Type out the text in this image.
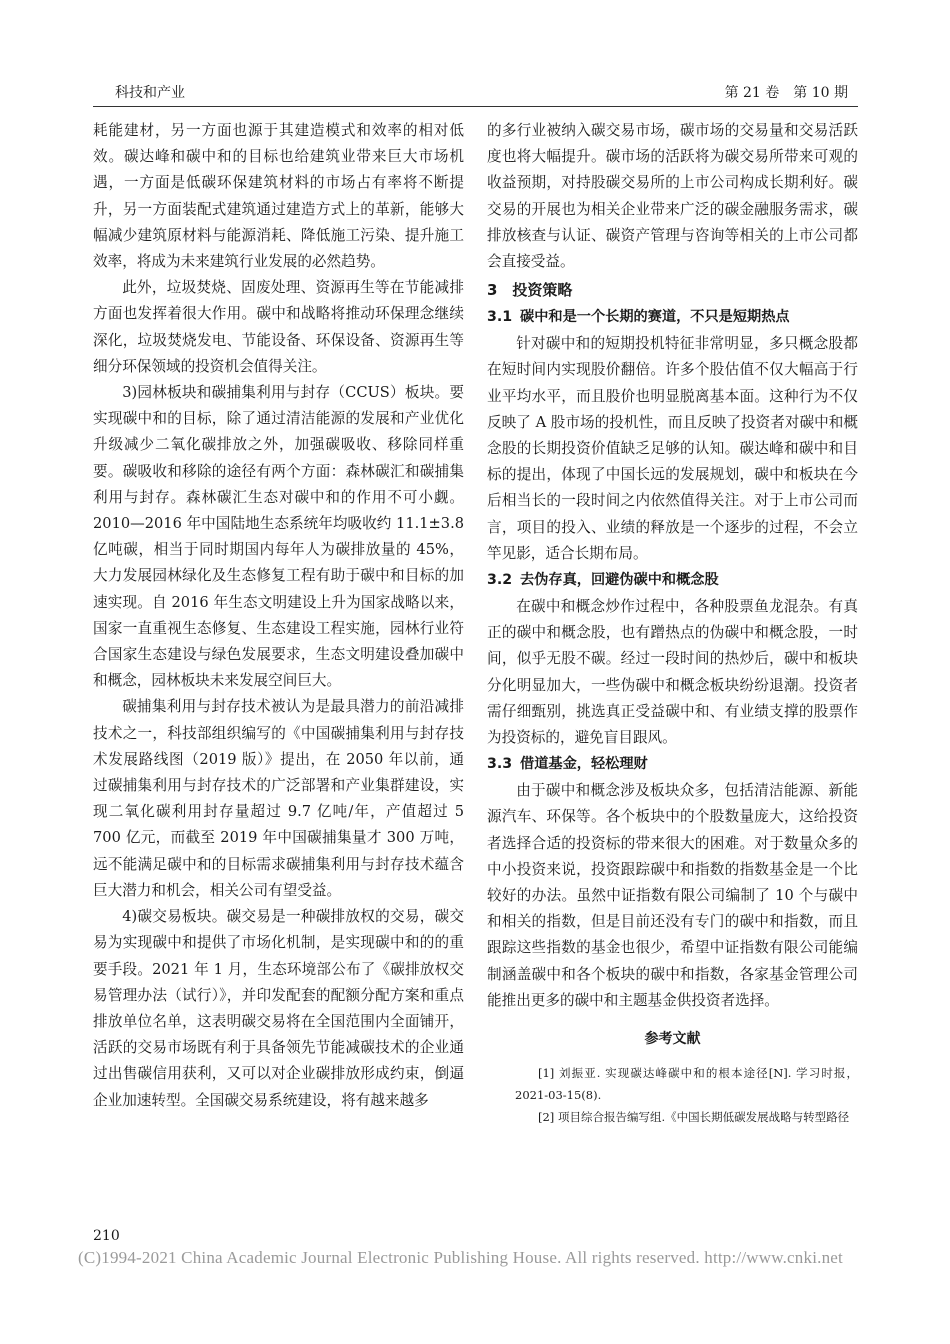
科技和产业	第 21 卷　第 10 期

耗能建材，另一方面也源于其建造模式和效率的相对低效。碳达峰和碳中和的目标也给建筑业带来巨大市场机遇，一方面是低碳环保建筑材料的市场占有率将不断提升，另一方面装配式建筑通过建造方式上的革新，能够大幅减少建筑原材料与能源消耗、降低施工污染、提升施工效率，将成为未来建筑行业发展的必然趋势。

此外，垃圾焚烧、固废处理、资源再生等在节能减排方面也发挥着很大作用。碳中和战略将推动环保理念继续深化，垃圾焚烧发电、节能设备、环保设备、资源再生等细分环保领域的投资机会值得关注。

3)园林板块和碳捕集利用与封存（CCUS）板块。要实现碳中和的目标，除了通过清洁能源的发展和产业优化升级减少二氧化碳排放之外，加强碳吸收、移除同样重要。碳吸收和移除的途径有两个方面：森林碳汇和碳捕集利用与封存。森林碳汇生态对碳中和的作用不可小觑。2010—2016 年中国陆地生态系统年均吸收约 11.1±3.8 亿吨碳，相当于同时期国内每年人为碳排放量的 45%，大力发展园林绿化及生态修复工程有助于碳中和目标的加速实现。自 2016 年生态文明建设上升为国家战略以来，国家一直重视生态修复、生态建设工程实施，园林行业符合国家生态建设与绿色发展要求，生态文明建设叠加碳中和概念，园林板块未来发展空间巨大。

碳捕集利用与封存技术被认为是最具潜力的前沿减排技术之一，科技部组织编写的《中国碳捕集利用与封存技术发展路线图（2019 版）》提出，在 2050 年以前，通过碳捕集利用与封存技术的广泛部署和产业集群建设，实现二氧化碳利用封存量超过 9.7 亿吨/年，产值超过 5 700 亿元，而截至 2019 年中国碳捕集量才 300 万吨，远不能满足碳中和的目标需求碳捕集利用与封存技术蕴含巨大潜力和机会，相关公司有望受益。

4)碳交易板块。碳交易是一种碳排放权的交易，碳交易为实现碳中和提供了市场化机制，是实现碳中和的的重要手段。2021 年 1 月，生态环境部公布了《碳排放权交易管理办法（试行）》，并印发配套的配额分配方案和重点排放单位名单，这表明碳交易将在全国范围内全面铺开，活跃的交易市场既有利于具备领先节能减碳技术的企业通过出售碳信用获利，又可以对企业碳排放形成约束，倒逼企业加速转型。全国碳交易系统建设，将有越来越多

的多行业被纳入碳交易市场，碳市场的交易量和交易活跃度也将大幅提升。碳市场的活跃将为碳交易所带来可观的收益预期，对持股碳交易所的上市公司构成长期利好。碳交易的开展也为相关企业带来广泛的碳金融服务需求，碳排放核查与认证、碳资产管理与咨询等相关的上市公司都会直接受益。

3　投资策略
3.1 碳中和是一个长期的赛道，不只是短期热点

针对碳中和的短期投机特征非常明显，多只概念股都在短时间内实现股价翻倍。许多个股估值不仅大幅高于行业平均水平，而且股价也明显脱离基本面。这种行为不仅反映了 A 股市场的投机性，而且反映了投资者对碳中和概念股的长期投资价值缺乏足够的认知。碳达峰和碳中和目标的提出，体现了中国长远的发展规划，碳中和板块在今后相当长的一段时间之内依然值得关注。对于上市公司而言，项目的投入、业绩的释放是一个逐步的过程，不会立竿见影，适合长期布局。

3.2 去伪存真，回避伪碳中和概念股

在碳中和概念炒作过程中，各种股票鱼龙混杂。有真正的碳中和概念股，也有蹭热点的伪碳中和概念股，一时间，似乎无股不碳。经过一段时间的热炒后，碳中和板块分化明显加大，一些伪碳中和概念板块纷纷退潮。投资者需仔细甄别，挑选真正受益碳中和、有业绩支撑的股票作为投资标的，避免盲目跟风。

3.3 借道基金，轻松理财

由于碳中和概念涉及板块众多，包括清洁能源、新能源汽车、环保等。各个板块中的个股数量庞大，这给投资者选择合适的投资标的带来很大的困难。对于数量众多的中小投资来说，投资跟踪碳中和指数的指数基金是一个比较好的办法。虽然中证指数有限公司编制了 10 个与碳中和相关的指数，但是目前还没有专门的碳中和指数，而且跟踪这些指数的基金也很少，希望中证指数有限公司能编制涵盖碳中和各个板块的碳中和指数，各家基金管理公司能推出更多的碳中和主题基金供投资者选择。

参考文献

[1] 刘振亚. 实现碳达峰碳中和的根本途径[N]. 学习时报，2021-03-15(8).

[2] 项目综合报告编写组.《中国长期低碳发展战略与转型路径

210
(C)1994-2021 China Academic Journal Electronic Publishing House. All rights reserved. http://www.cnki.net
